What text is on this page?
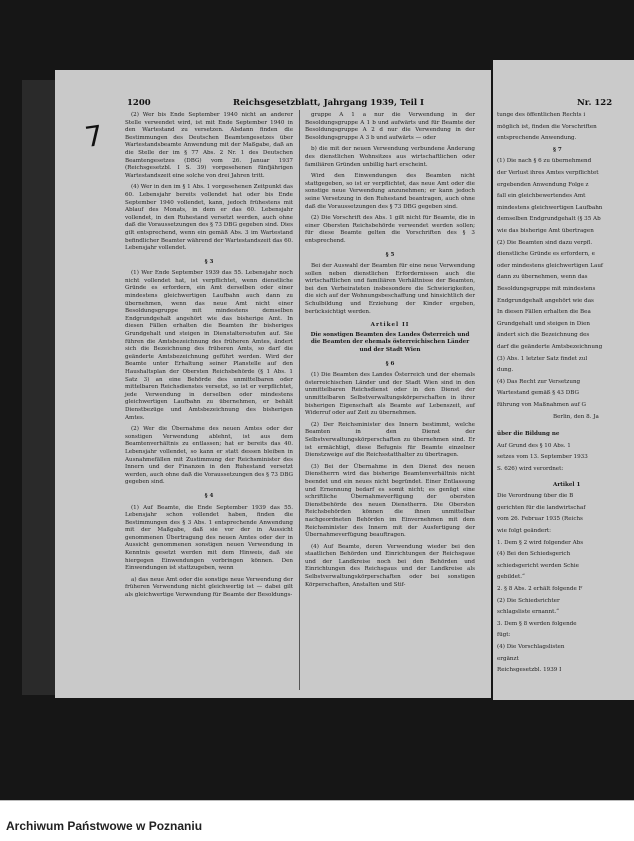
7
1200	Reichsgesetzblatt, Jahrgang 1939, Teil I

(2) Wer bis Ende September 1940 nicht an anderer Stelle verwendet wird, ist mit Ende September 1940 in den Wartestand zu versetzen. Alsdann finden die Bestimmungen des Deutschen Beamtengesetzes über Wartestandsbeamte Anwendung mit der Maßgabe, daß an die Stelle der im § 77 Abs. 2 Nr. 1 des Deutschen Beamtengesetzes (DBG) vom 26. Januar 1937 (Reichsgesetzbl. I S. 39) vorgesehenen fünfjährigen Wartestandszeit eine solche von drei Jahren tritt.

(4) Wer in den im § 1 Abs. 1 vorgesehenen Zeitpunkt das 60. Lebensjahr bereits vollendet hat oder bis Ende September 1940 vollendet, kann, jedoch frühestens mit Ablauf des Monats, in dem er das 60. Lebensjahr vollendet, in den Ruhestand versetzt werden, auch ohne daß die Voraussetzungen des § 73 DBG gegeben sind. Dies gilt entsprechend, wenn ein gemäß Abs. 3 im Wartestand befindlicher Beamter während der Wartestandszeit das 60. Lebensjahr vollendet.

§ 3

(1) Wer Ende September 1939 das 55. Lebensjahr noch nicht vollendet hat, ist verpflichtet, wenn dienstliche Gründe es erfordern, ein Amt derselben oder einer mindestens gleichwertigen Laufbahn auch dann zu übernehmen, wenn das neue Amt nicht einer Besoldungsgruppe mit mindestens demselben Endgrundgehalt angehört wie das bisherige Amt. In diesen Fällen erhalten die Beamten ihr bisheriges Grundgehalt und steigen in Dienstaltersstufen auf. Sie führen die Amtsbezeichnung des früheren Amtes, ändert sich die Bezeichnung des früheren Amts, so darf die geänderte Amtsbezeichnung geführt werden. Wird der Beamte unter Erhaltung seiner Planstelle auf den Haushaltsplan der Obersten Reichsbehörde (§ 1 Abs. 1 Satz 3) an eine Behörde des unmittelbaren oder mittelbaren Reichsdienstes versetzt, so ist er verpflichtet, jede Verwendung in derselben oder mindestens gleichwertigen Laufbahn zu übernehmen, er behält Dienstbezüge und Amtsbezeichnung des bisherigen Amtes.

(2) Wer die Übernahme des neuen Amtes oder der sonstigen Verwendung ablehnt, ist aus dem Beamtenverhältnis zu entlassen; hat er bereits das 40. Lebensjahr vollendet, so kann er statt dessen bleiben in Ausnahmefällen mit Zustimmung der Reichsminister des Innern und der Finanzen in den Ruhestand versetzt werden, auch ohne daß die Voraussetzungen des § 73 DBG gegeben sind.

§ 4

(1) Auf Beamte, die Ende September 1939 das 55. Lebensjahr schon vollendet haben, finden die Bestimmungen des § 3 Abs. 1 entsprechende Anwendung mit der Maßgabe, daß sie vor der in Aussicht genommenen Übertragung des neuen Amtes oder der in Aussicht genommenen sonstigen neuen Verwendung in Kenntnis gesetzt werden mit dem Hinweis, daß sie hiergegen Einwendungen vorbringen können. Den Einwendungen ist stattzugeben, wenn

a) das neue Amt oder die sonstige neue Verwendung der früheren Verwendung nicht gleichwertig ist — dabei gilt als gleichwertige Verwendung für Beamte der Besoldungs-

gruppe A 1 a nur die Verwendung in der Besoldungsgruppe A 1 b und aufwärts und für Beamte der Besoldungsgruppe A 2 d nur die Verwendung in der Besoldungsgruppe A 3 b und aufwärts — oder

b) die mit der neuen Verwendung verbundene Änderung des dienstlichen Wohnsitzes aus wirtschaftlichen oder familiären Gründen unbillig hart erscheint.

Wird den Einwendungen des Beamten nicht stattgegeben, so ist er verpflichtet, das neue Amt oder die sonstige neue Verwendung anzunehmen; er kann jedoch seine Versetzung in den Ruhestand beantragen, auch ohne daß die Voraussetzungen des § 73 DBG gegeben sind.

(2) Die Vorschrift des Abs. 1 gilt nicht für Beamte, die in einer Obersten Reichsbehörde verwendet werden sollen; für diese Beamte gelten die Vorschriften des § 3 entsprechend.

§ 5

Bei der Auswahl der Beamten für eine neue Verwendung sollen neben dienstlichen Erfordernissen auch die wirtschaftlichen und familiären Verhältnisse der Beamten, bei den Verheirateten insbesondere die Schwierigkeiten, die sich auf der Wohnungsbeschaffung und hinsichtlich der Schulbildung und Erziehung der Kinder ergeben, berücksichtigt werden.

Artikel II

Die sonstigen Beamten des Landes Österreich und die Beamten der ehemals österreichischen Länder und der Stadt Wien

§ 6

(1) Die Beamten des Landes Österreich und der ehemals österreichischen Länder und der Stadt Wien sind in den unmittelbaren Reichsdienst oder in den Dienst der unmittelbaren Selbstverwaltungskörperschaften in ihrer bisherigen Eigenschaft als Beamte auf Lebenszeit, auf Widerruf oder auf Zeit zu übernehmen.

(2) Der Reichsminister des Innern bestimmt, welche Beamten in den Dienst der Selbstverwaltungskörperschaften zu übernehmen sind. Er ist ermächtigt, diese Befugnis für Beamte einzelner Dienstzweige auf die Reichsstatthalter zu übertragen.

(3) Bei der Übernahme in den Dienst des neuen Dienstherrn wird das bisherige Beamtenverhältnis nicht beendet und ein neues nicht begründet. Einer Entlassung und Ernennung bedarf es somit nicht; es genügt eine schriftliche Übernahmeverfügung der obersten Dienstbehörde des neuen Dienstherrn. Die Obersten Reichsbehörden können die ihnen unmittelbar nachgeordneten Behörden im Einvernehmen mit dem Reichsminister des Innern mit der Ausfertigung der Übernahmeverfügung beauftragen.

(4) Auf Beamte, deren Verwendung wieder bei den staatlichen Behörden und Einrichtungen der Reichsgaue und der Landkreise noch bei den Behörden und Einrichtungen des Reichsgaus und der Landkreise als Selbstverwaltungskörperschaften oder bei sonstigen Körperschaften, Anstalten und Stif-

Nr. 122
tunge des öffentlichen Rechts i
möglich ist, finden die Vorschriften
entsprechende Anwendung.
§ 7
(1) Die nach § 6 zu übernehmend
der Verlust ihres Amtes verpflichtet
ergebenden Anwendung Folge z
fall ein gleichbewertendes Amt
mindestens gleichwertigen Laufbahn
demselben Endgrundgehalt (§ 35 Ab
wie das bisherige Amt übertragen
(2) Die Beamten sind dazu verpfl.
dienstliche Gründe es erfordern, e
oder mindestens gleichwertigen Lauf
dann zu übernehmen, wenn das
Besoldungsgruppe mit mindestens
Endgrundgehalt angehört wie das
In diesen Fällen erhalten die Bea
Grundgehalt und steigen in Dien
ändert sich die Bezeichnung des
darf die geänderte Amtsbezeichnung
(3) Abs. 1 letzter Satz findet zul
dung.
(4) Das Recht zur Versetzung
Wartestand gemäß § 43 DBG
führung von Maßnahmen auf G
Berlin, den 8. Ja
über die Bildung ne
Auf Grund des § 10 Abs. 1
setzes vom 13. September 1933
S. 626) wird verordnet:
Artikel 1
Die Verordnung über die B
gerichten für die landwirtschaf
vom 26. Februar 1935 (Reichs
wie folgt geändert:
1. Dem § 2 wird folgender Abs
(4) Bei den Schiedsgerich
schiedsgericht werden Schie
gebildet.“
2. § 8 Abs. 2 erhält folgende F
(2) Die Schiedsrichter
schlagsliste ernannt.“
3. Dem § 8 werden folgende
fügt:
(4) Die Vorschlagslisten
ergänzt
Reichsgesetzbl. 1939 I
Archiwum Państwowe w Poznaniu
